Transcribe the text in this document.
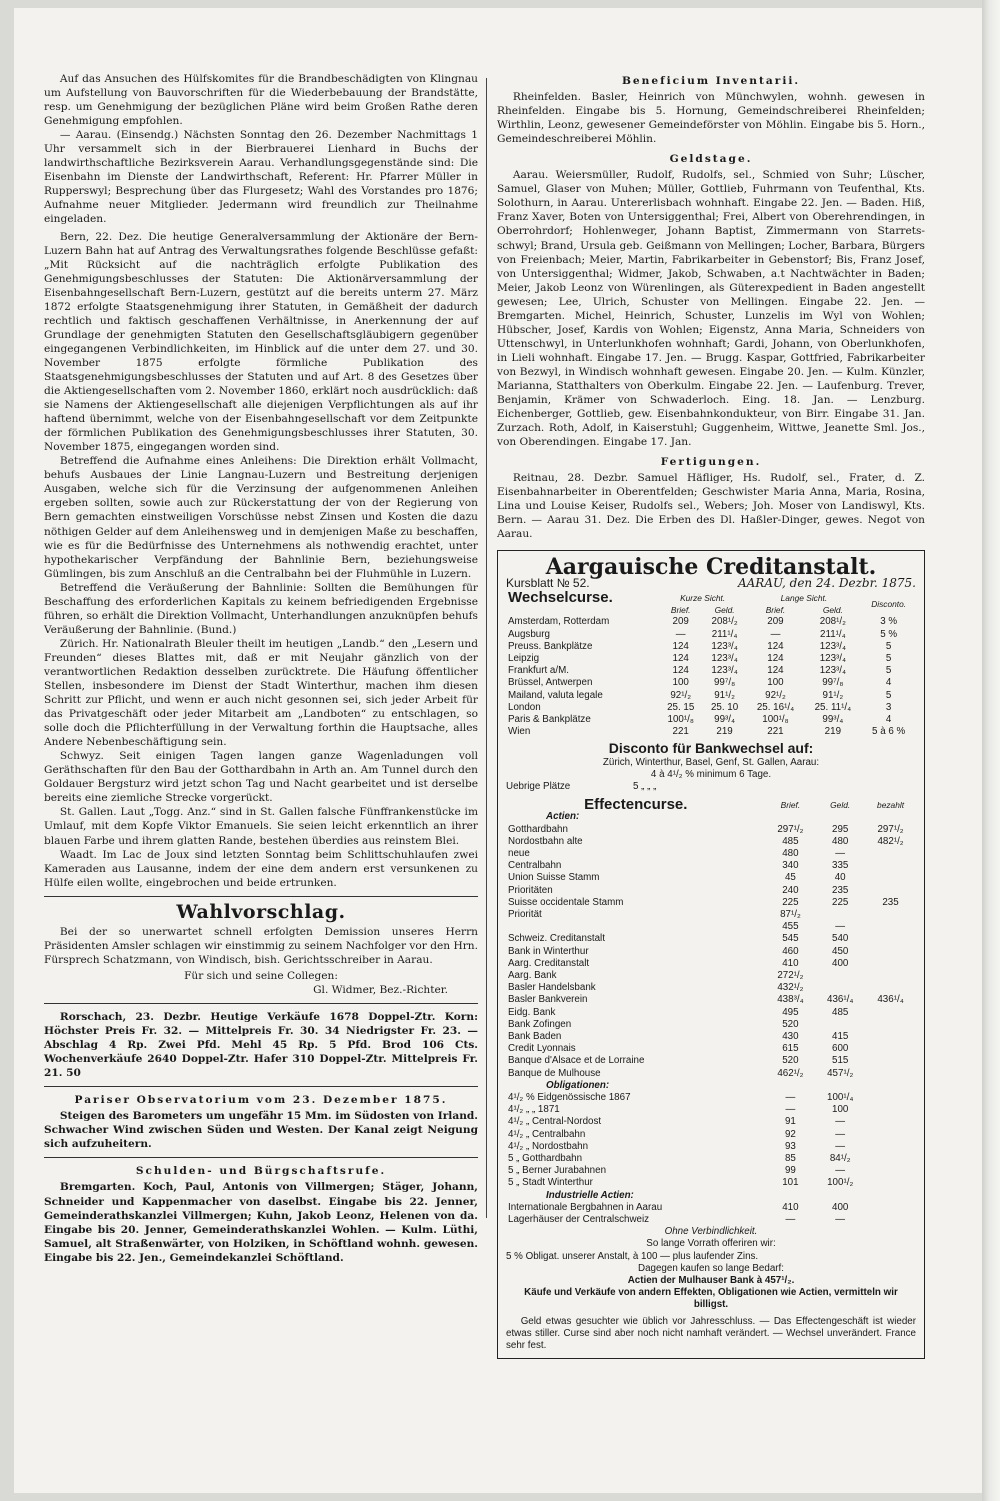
Auf das Ansuchen des Hülfskomites für die Brandbeschädigten von Klingnau um Aufstellung von Bauvorschriften für die Wiederbebauung der Brandstätte, resp. um Genehmigung der bezüglichen Pläne wird beim Großen Rathe deren Genehmigung empfohlen.

— Aarau. (Einsendg.) Nächsten Sonntag den 26. Dezember Nachmittags 1 Uhr versammelt sich in der Bierbrauerei Lienhard in Buchs der landwirthschaftliche Bezirksverein Aarau. Verhandlungsgegenstände sind: Die Eisenbahn im Dienste der Landwirthschaft, Referent: Hr. Pfarrer Müller in Rupperswyl; Besprechung über das Flurgesetz; Wahl des Vorstandes pro 1876; Aufnahme neuer Mitglieder. Jedermann wird freundlich zur Theilnahme eingeladen.

Bern, 22. Dez. Die heutige Generalversammlung der Aktionäre der Bern-Luzern Bahn hat auf Antrag des Verwaltungsrathes folgende Beschlüsse gefaßt: „Mit Rücksicht auf die nachträglich erfolgte Publikation des Genehmigungsbeschlusses der Statuten: Die Aktionärversammlung der Eisenbahngesellschaft Bern-Luzern, gestützt auf die bereits unterm 27. März 1872 erfolgte Staatsgenehmigung ihrer Statuten, in Gemäßheit der dadurch rechtlich und faktisch geschaffenen Verhältnisse, in Anerkennung der auf Grundlage der genehmigten Statuten den Gesellschaftsgläubigern gegenüber eingegangenen Verbindlichkeiten, im Hinblick auf die unter dem 27. und 30. November 1875 erfolgte förmliche Publikation des Staatsgenehmigungsbeschlusses der Statuten und auf Art. 8 des Gesetzes über die Aktiengesellschaften vom 2. November 1860, erklärt noch ausdrücklich: daß sie Namens der Aktiengesellschaft alle diejenigen Verpflichtungen als auf ihr haftend übernimmt, welche von der Eisenbahngesellschaft vor dem Zeitpunkte der förmlichen Publikation des Genehmigungsbeschlusses ihrer Statuten, 30. November 1875, eingegangen worden sind.

Betreffend die Aufnahme eines Anleihens: Die Direktion erhält Vollmacht, behufs Ausbaues der Linie Langnau-Luzern und Bestreitung derjenigen Ausgaben, welche sich für die Verzinsung der aufgenommenen Anleihen ergeben sollten, sowie auch zur Rückerstattung der von der Regierung von Bern gemachten einstweiligen Vorschüsse nebst Zinsen und Kosten die dazu nöthigen Gelder auf dem Anleihensweg und in demjenigen Maße zu beschaffen, wie es für die Bedürfnisse des Unternehmens als nothwendig erachtet, unter hypothekarischer Verpfändung der Bahnlinie Bern, beziehungsweise Gümlingen, bis zum Anschluß an die Centralbahn bei der Fluhmühle in Luzern.

Betreffend die Veräußerung der Bahnlinie: Sollten die Bemühungen für Beschaffung des erforderlichen Kapitals zu keinem befriedigenden Ergebnisse führen, so erhält die Direktion Vollmacht, Unterhandlungen anzuknüpfen behufs Veräußerung der Bahnlinie. (Bund.)

Zürich. Hr. Nationalrath Bleuler theilt im heutigen „Landb.“ den „Lesern und Freunden“ dieses Blattes mit, daß er mit Neujahr gänzlich von der verantwortlichen Redaktion desselben zurücktrete. Die Häufung öffentlicher Stellen, insbesondere im Dienst der Stadt Winterthur, machen ihm diesen Schritt zur Pflicht, und wenn er auch nicht gesonnen sei, sich jeder Arbeit für das Privatgeschäft oder jeder Mitarbeit am „Landboten“ zu entschlagen, so solle doch die Pflichterfüllung in der Verwaltung forthin die Hauptsache, alles Andere Nebenbeschäftigung sein.

Schwyz. Seit einigen Tagen langen ganze Wagenladungen voll Geräthschaften für den Bau der Gotthardbahn in Arth an. Am Tunnel durch den Goldauer Bergsturz wird jetzt schon Tag und Nacht gearbeitet und ist derselbe bereits eine ziemliche Strecke vorgerückt.

St. Gallen. Laut „Togg. Anz.“ sind in St. Gallen falsche Fünffrankenstücke im Umlauf, mit dem Kopfe Viktor Emanuels. Sie seien leicht erkenntlich an ihrer blauen Farbe und ihrem glatten Rande, bestehen überdies aus reinstem Blei.

Waadt. Im Lac de Joux sind letzten Sonntag beim Schlittschuhlaufen zwei Kameraden aus Lausanne, indem der eine dem andern erst versunkenen zu Hülfe eilen wollte, eingebrochen und beide ertrunken.

Wahlvorschlag.

Bei der so unerwartet schnell erfolgten Demission unseres Herrn Präsidenten Amsler schlagen wir einstimmig zu seinem Nachfolger vor den Hrn. Fürsprech Schatzmann, von Windisch, bish. Gerichtsschreiber in Aarau.

Für sich und seine Collegen:

Gl. Widmer, Bez.-Richter.

Rorschach, 23. Dezbr. Heutige Verkäufe 1678 Doppel-Ztr. Korn: Höchster Preis Fr. 32. — Mittelpreis Fr. 30. 34 Niedrigster Fr. 23. — Abschlag 4 Rp. Zwei Pfd. Mehl 45 Rp. 5 Pfd. Brod 106 Cts. Wochenverkäufe 2640 Doppel-Ztr. Hafer 310 Doppel-Ztr. Mittelpreis Fr. 21. 50

Pariser Observatorium vom 23. Dezember 1875.

Steigen des Barometers um ungefähr 15 Mm. im Südosten von Irland. Schwacher Wind zwischen Süden und Westen. Der Kanal zeigt Neigung sich aufzuheitern.

Schulden- und Bürgschaftsrufe.

Bremgarten. Koch, Paul, Antonis von Villmergen; Stäger, Johann, Schneider und Kappenmacher von daselbst. Eingabe bis 22. Jenner, Gemeinderathskanzlei Villmergen; Kuhn, Jakob Leonz, Helenen von da. Eingabe bis 20. Jenner, Gemeinderathskanzlei Wohlen. — Kulm. Lüthi, Samuel, alt Straßenwärter, von Holziken, in Schöftland wohnh. gewesen. Eingabe bis 22. Jen., Gemeindekanzlei Schöftland.

Beneficium Inventarii.

Rheinfelden. Basler, Heinrich von Münchwylen, wohnh. gewesen in Rheinfelden. Eingabe bis 5. Hornung, Gemeindschreiberei Rheinfelden; Wirthlin, Leonz, gewesener Gemeindeförster von Möhlin. Eingabe bis 5. Horn., Gemeindeschreiberei Möhlin.

Geldstage.

Aarau. Weiersmüller, Rudolf, Rudolfs, sel., Schmied von Suhr; Lüscher, Samuel, Glaser von Muhen; Müller, Gottlieb, Fuhrmann von Teufenthal, Kts. Solothurn, in Aarau. Untererlisbach wohnhaft. Eingabe 22. Jen. — Baden. Hiß, Franz Xaver, Boten von Untersiggenthal; Frei, Albert von Oberehrendingen, in Oberrohrdorf; Hohlenweger, Johann Baptist, Zimmermann von Starrets-schwyl; Brand, Ursula geb. Geißmann von Mellingen; Locher, Barbara, Bürgers von Freienbach; Meier, Martin, Fabrikarbeiter in Gebenstorf; Bis, Franz Josef, von Untersiggenthal; Widmer, Jakob, Schwaben, a.t Nachtwächter in Baden; Meier, Jakob Leonz von Würenlingen, als Güterexpedient in Baden angestellt gewesen; Lee, Ulrich, Schuster von Mellingen. Eingabe 22. Jen. — Bremgarten. Michel, Heinrich, Schuster, Lunzelis im Wyl von Wohlen; Hübscher, Josef, Kardis von Wohlen; Eigenstz, Anna Maria, Schneiders von Uttenschwyl, in Unterlunkhofen wohnhaft; Gardi, Johann, von Oberlunkhofen, in Lieli wohnhaft. Eingabe 17. Jen. — Brugg. Kaspar, Gottfried, Fabrikarbeiter von Bezwyl, in Windisch wohnhaft gewesen. Eingabe 20. Jen. — Kulm. Künzler, Marianna, Statthalters von Oberkulm. Eingabe 22. Jen. — Laufenburg. Trever, Benjamin, Krämer von Schwaderloch. Eing. 18. Jan. — Lenzburg. Eichenberger, Gottlieb, gew. Eisenbahnkondukteur, von Birr. Eingabe 31. Jan. Zurzach. Roth, Adolf, in Kaiserstuhl; Guggenheim, Wittwe, Jeanette Sml. Jos., von Oberendingen. Eingabe 17. Jan.

Fertigungen.

Reitnau, 28. Dezbr. Samuel Häfliger, Hs. Rudolf, sel., Frater, d. Z. Eisenbahnarbeiter in Oberentfelden; Geschwister Maria Anna, Maria, Rosina, Lina und Louise Keiser, Rudolfs sel., Webers; Joh. Moser von Landiswyl, Kts. Bern. — Aarau 31. Dez. Die Erben des Dl. Haßler-Dinger, gewes. Negot von Aarau.

Aargauische Creditanstalt.
Kursblatt № 52.	AARAU, den 24. Dezbr. 1875.
Wechselcurse.	Kurze Sicht.		Lange Sicht.		Disconto.
	Brief.	Geld.	Brief.	Geld.	
Amsterdam, Rotterdam	209	208¹/₂	209	208¹/₂	3 %
Augsburg	—	211¹/₄	—	211¹/₄	5 %
Preuss. Bankplätze	124	123³/₄	124	123³/₄	5
Leipzig	124	123³/₄	124	123³/₄	5
Frankfurt a/M.	124	123³/₄	124	123³/₄	5
Brüssel, Antwerpen	100	99⁷/₈	100	99⁷/₈	4
Mailand, valuta legale	92¹/₂	91¹/₂	92¹/₂	91¹/₂	5
London	25. 15	25. 10	25. 16¹/₄	25. 11¹/₄	3
Paris & Bankplätze	100¹/₈	99³/₄	100¹/₈	99³/₄	4
Wien	221	219	221	219	5 à 6 %
Disconto für Bankwechsel auf:
Zürich, Winterthur, Basel, Genf, St. Gallen, Aarau:
4 à 4¹/₂ % minimum 6 Tage.
Uebrige Plätze	5 „ „ „
Effectencurse.	Brief.	Geld.	bezahlt
Actien:			
Gotthardbahn	297¹/₂	295	297¹/₂
Nordostbahn alte	485	480	482¹/₂
neue	480	—	
Centralbahn	340	335	
Union Suisse Stamm	45	40	
Prioritäten	240	235	
Suisse occidentale Stamm	225	225	235
Priorität	87¹/₂		
	455	—	
Schweiz. Creditanstalt	545	540	
Bank in Winterthur	460	450	
Aarg. Creditanstalt	410	400	
Aarg. Bank	272¹/₂		
Basler Handelsbank	432¹/₂		
Basler Bankverein	438³/₄	436¹/₄	436¹/₄
Eidg. Bank	495	485	
Bank Zofingen	520		
Bank Baden	430	415	
Credit Lyonnais	615	600	
Banque d'Alsace et de Lorraine	520	515	
Banque de Mulhouse	462¹/₂	457¹/₂	
Obligationen:			
4¹/₂ % Eidgenössische 1867	—	100¹/₄	
4¹/₂ „ „ 1871	—	100	
4¹/₂ „ Central-Nordost	91	—	
4¹/₂ „ Centralbahn	92	—	
4¹/₂ „ Nordostbahn	93	—	
5 „ Gotthardbahn	85	84¹/₂	
5 „ Berner Jurabahnen	99	—	
5 „ Stadt Winterthur	101	100¹/₂	
Industrielle Actien:			
Internationale Bergbahnen in Aarau	410	400	
Lagerhäuser der Centralschweiz	—	—	
Ohne Verbindlichkeit.
So lange Vorrath offeriren wir:
5 % Obligat. unserer Anstalt, à 100 — plus laufender Zins.
Dagegen kaufen so lange Bedarf:
Actien der Mulhauser Bank à 457¹/₂.
Käufe und Verkäufe von andern Effekten, Obligationen wie Actien, vermitteln wir billigst.
Geld etwas gesuchter wie üblich vor Jahresschluss. — Das Effectengeschäft ist wieder etwas stiller. Curse sind aber noch nicht namhaft verändert. — Wechsel unverändert. France sehr fest.
